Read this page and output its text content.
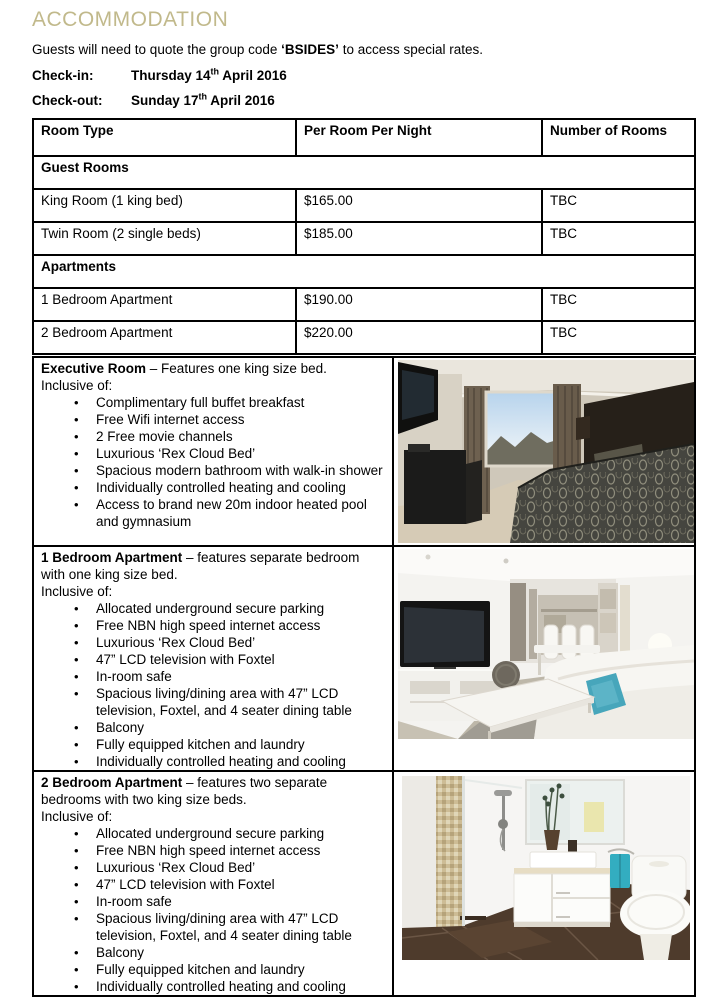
ACCOMMODATION

Guests will need to quote the group code ‘BSIDES’ to access special rates.

Check-in:	Thursday 14th April 2016

Check-out: Sunday 17th April 2016

Room Type	Per Room Per Night	Number of Rooms
Guest Rooms		
King Room (1 king bed)	$165.00	TBC
Twin Room (2 single beds)	$185.00	TBC
Apartments		
1 Bedroom Apartment	$190.00	TBC
2 Bedroom Apartment	$220.00	TBC
Executive Room – Features one king size bed.
Inclusive of:
•
Complimentary full buffet breakfast
•
Free Wifi internet access
•
2 Free movie channels
•
Luxurious ‘Rex Cloud Bed’
•
Spacious modern bathroom with walk-in shower
•
Individually controlled heating and cooling
•
Access to brand new 20m indoor heated pool and gymnasium

1 Bedroom Apartment – features separate bedroom with one king size bed.
Inclusive of:
•
Allocated underground secure parking
•
Free NBN high speed internet access
•
Luxurious ‘Rex Cloud Bed’
•
47” LCD television with Foxtel
•
In-room safe
•
Spacious living/dining area with 47” LCD television, Foxtel, and 4 seater dining table
•
Balcony
•
Fully equipped kitchen and laundry
•
Individually controlled heating and cooling

2 Bedroom Apartment – features two separate bedrooms with two king size beds.
Inclusive of:
•
Allocated underground secure parking
•
Free NBN high speed internet access
•
Luxurious ‘Rex Cloud Bed’
•
47” LCD television with Foxtel
•
In-room safe
•
Spacious living/dining area with 47” LCD television, Foxtel, and 4 seater dining table
•
Balcony
•
Fully equipped kitchen and laundry
•
Individually controlled heating and cooling
